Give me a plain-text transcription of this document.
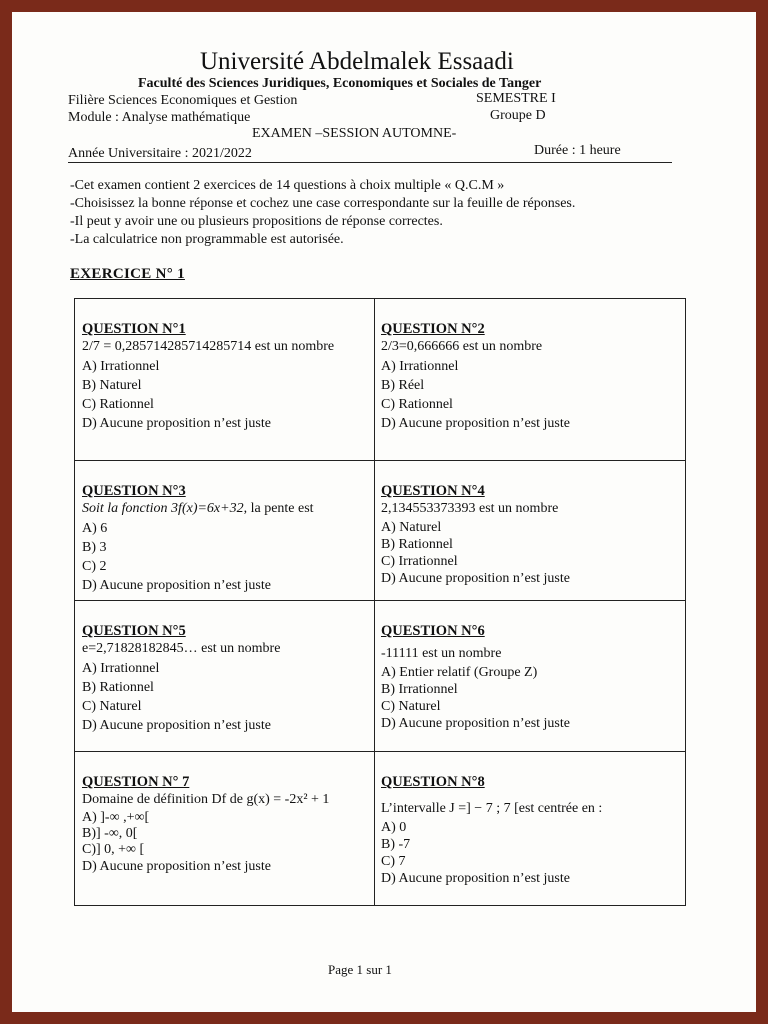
Université Abdelmalek Essaadi
Faculté des Sciences Juridiques, Economiques et Sociales de Tanger
Filière Sciences Economiques et Gestion	SEMESTRE I
Module : Analyse mathématique	Groupe D
EXAMEN –SESSION AUTOMNE-
Année Universitaire : 2021/2022	Durée : 1 heure
-Cet examen contient 2 exercices de 14 questions à choix multiple « Q.C.M »
-Choisissez la bonne réponse et cochez une case correspondante sur la feuille de réponses.
-Il peut y avoir une ou plusieurs propositions de réponse correctes.
-La calculatrice non programmable est autorisée.
EXERCICE N° 1
QUESTION N°1
2/7 = 0,285714285714285714 est un nombre
A) Irrationnel
B) Naturel
C) Rationnel
D) Aucune proposition n’est juste
QUESTION N°2
2/3=0,666666 est un nombre
A) Irrationnel
B) Réel
C) Rationnel
D) Aucune proposition n’est juste
QUESTION N°3
Soit la fonction 3f(x)=6x+32, la pente est
A) 6
B) 3
C) 2
D) Aucune proposition n’est juste
QUESTION N°4
2,134553373393 est un nombre
A) Naturel
B) Rationnel
C) Irrationnel
D) Aucune proposition n’est juste
QUESTION N°5
e=2,71828182845… est un nombre
A) Irrationnel
B) Rationnel
C) Naturel
D) Aucune proposition n’est juste
QUESTION N°6
-11111 est un nombre
A) Entier relatif (Groupe Z)
B) Irrationnel
C) Naturel
D) Aucune proposition n’est juste
QUESTION N° 7
Domaine de définition Df de g(x) = -2x² + 1
A) ]-∞ ,+∞[
B)] -∞, 0[
C)] 0, +∞ [
D) Aucune proposition n’est juste
QUESTION N°8
L’intervalle J =] − 7 ; 7 [est centrée en :
A) 0
B) -7
C) 7
D) Aucune proposition n’est juste
Page 1 sur 1
